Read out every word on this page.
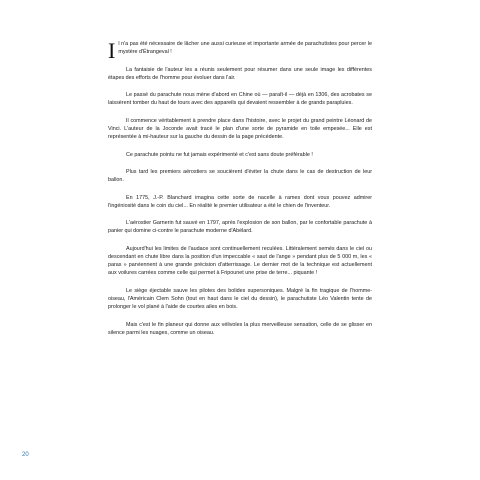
Il n'a pas été nécessaire de lâcher une aussi curieuse et importante armée de parachutistes pour percer le mystère d'Étrangeval !

La fantaisie de l'auteur les a réunis seulement pour résumer dans une seule image les différentes étapes des efforts de l'homme pour évoluer dans l'air.

Le passé du parachute nous mène d'abord en Chine où — paraît-il — déjà en 1306, des acrobates se laissèrent tomber du haut de tours avec des appareils qui devaient ressembler à de grands parapluies.

Il commence véritablement à prendre place dans l'histoire, avec le projet du grand peintre Léonard de Vinci. L'auteur de la Joconde avait tracé le plan d'une sorte de pyramide en toile empesée... Elle est représentée à mi-hauteur sur la gauche du dessin de la page précédente.

Ce parachute pointu ne fut jamais expérimenté et c'est sans doute préférable !

Plus tard les premiers aérostiers se soucièrent d'éviter la chute dans le cas de destruction de leur ballon.

En 1775, J.-P. Blanchard imagina cette sorte de nacelle à rames dont vous pouvez admirer l'ingéniosité dans le coin du ciel... En réalité le premier utilisateur a été le chien de l'inventeur.

L'aérostier Garnerin fut sauvé en 1797, après l'explosion de son ballon, par le confortable parachute à panier qui domine ci-contre le parachute moderne d'Abélard.

Aujourd'hui les limites de l'audace sont continuellement reculées. Littéralement semés dans le ciel ou descendant en chute libre dans la position d'un impeccable « saut de l'ange » pendant plus de 5 000 m, les « paras » parviennent à une grande précision d'atterrissage. Le dernier mot de la technique est actuellement aux voilures carrées comme celle qui permet à Fripounet une prise de terre... piquante !

Le siège éjectable sauve les pilotes des bolides supersoniques. Malgré la fin tragique de l'homme-oiseau, l'Américain Clem Sohn (tout en haut dans le ciel du dessin), le parachutiste Léo Valentin tente de prolonger le vol plané à l'aide de courtes ailes en bois.

Mais c'est le fin planeur qui donne aux vélivoles la plus merveilleuse sensation, celle de se glisser en silence parmi les nuages, comme un oiseau.

20
